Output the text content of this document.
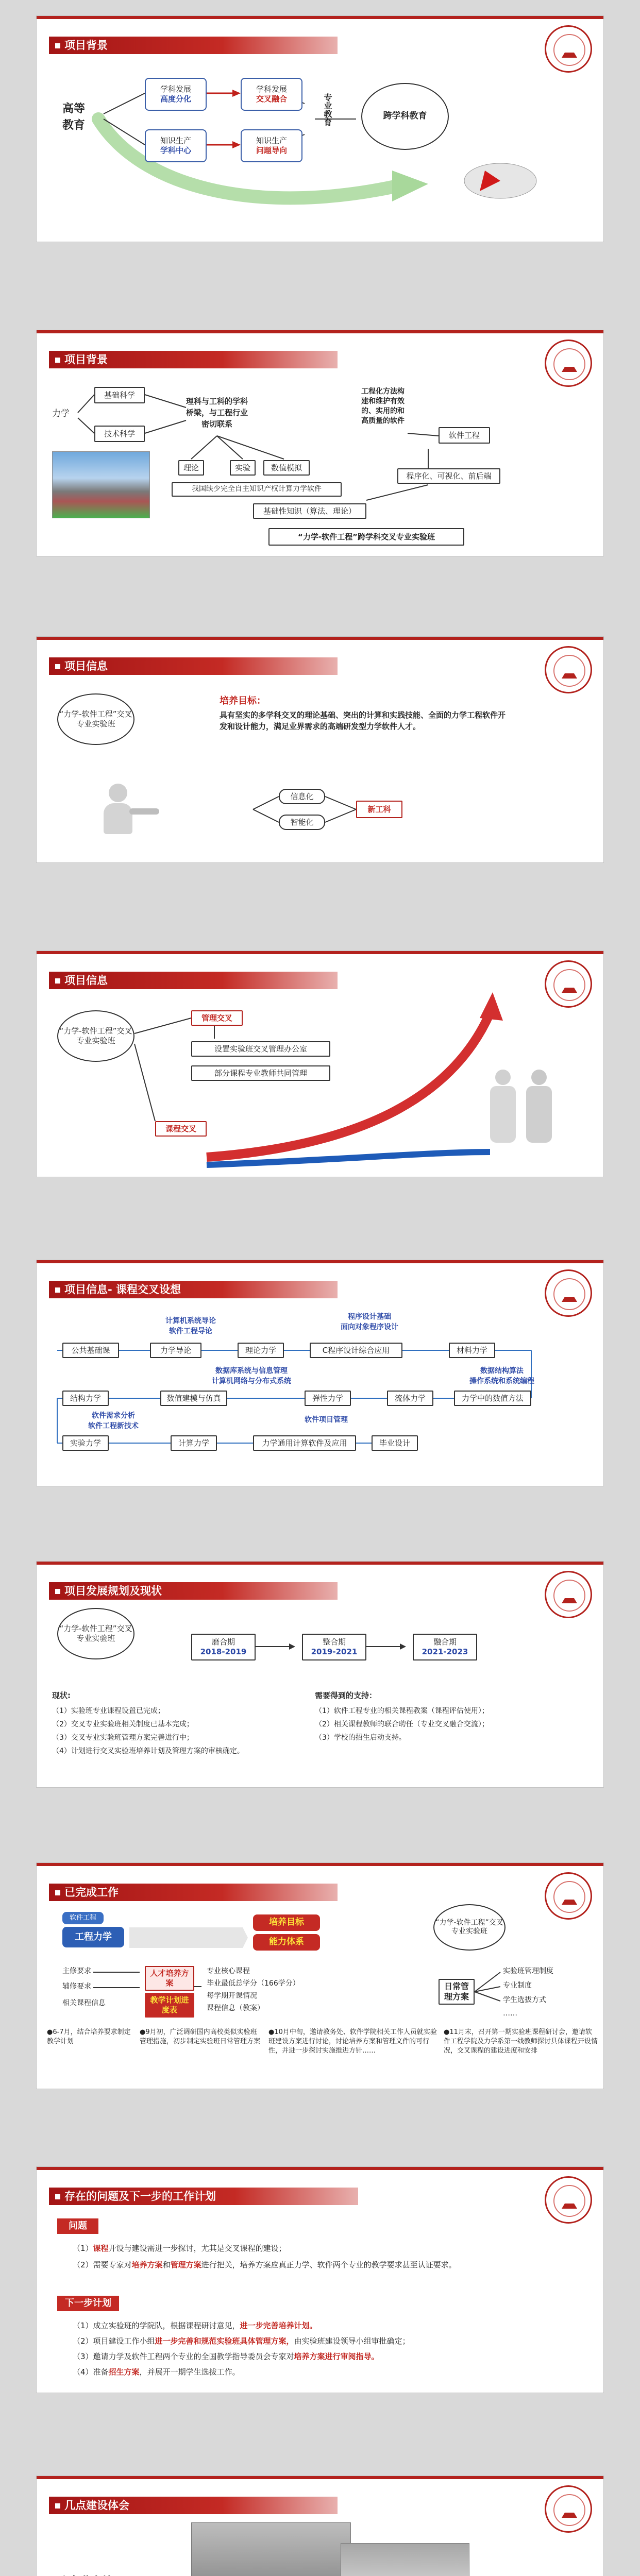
项目背景
高等
教育
学科发展
高度分化
学科发展
交叉融合
知识生产
学科中心
知识生产
问题导向
专业教育	跨学科教育
项目背景
力学
基础科学
技术科学
理科与工科的学科桥梁，与工程行业密切联系
理论	实验	数值模拟
我国缺少完全自主知识产权计算力学软件
工程化方法构建和维护有效的、实用的和高质量的软件
软件工程
程序化、可视化、前后端
基础性知识（算法、理论）
“力学-软件工程”跨学科交叉专业实验班
项目信息
“力学-软件工程”交叉专业实验班
培养目标：
具有坚实的多学科交叉的理论基础、突出的计算和实践技能、全面的力学工程软件开发和设计能力，满足业界需求的高端研发型力学软件人才。
信息化
智能化
新工科
项目信息
“力学-软件工程”交叉专业实验班
管理交叉
设置实验班交叉管理办公室
部分课程专业教师共同管理
课程交叉
项目信息- 课程交叉设想
公共基础课	力学导论	理论力学	C程序设计综合应用	材料力学
计算机系统导论
软件工程导论
程序设计基础
面向对象程序设计
数据库系统与信息管理
计算机网络与分布式系统
数据结构算法
操作系统和系统编程
结构力学	数值建模与仿真	弹性力学	流体力学	力学中的数值方法
软件需求分析
软件工程新技术
软件项目管理
实验力学	计算力学	力学通用计算软件及应用	毕业设计
项目发展规划及现状
“力学-软件工程”交叉专业实验班	磨合期
2018-2019
整合期
2019-2021
融合期
2021-2023
现状:
（1）实验班专业课程设置已完成；
（2）交叉专业实验班相关制度已基本完成；
（3）交叉专业实验班管理方案完善进行中；
（4）计划进行交叉实验班培养计划及管理方案的审核确定。
需要得到的支持：
（1）软件工程专业的相关课程教案（课程评估使用）；
（2）相关课程教师的联合聘任（专业交叉融合交流）；
（3）学校的招生启动支持。
已完成工作
软件工程
工程力学
培养目标
能力体系
主修要求
辅修要求
相关课程信息
人才培养方案
教学计划进度表
专业核心课程
毕业最低总学分（166学分）
每学期开课情况
课程信息（教案）
“力学-软件工程”交叉专业实验班
日常管理方案
实验班管理制度
专业制度
学生选拔方式
……
●6-7月，结合培养要求制定教学计划
●9月初，广泛调研国内高校类似实验班管理措施，初步制定实验班日常管理方案
●10月中旬，邀请教务处、软件学院相关工作人员就实验班建设方案进行讨论，讨论培养方案和管理文件的可行性，并进一步探讨实施推进方针……
●11月末，召开第一期实验班课程研讨会，邀请软件工程学院及力学系第一线教师探讨具体课程开设情况，交叉课程的建设进度和安排
存在的问题及下一步的工作计划
问题
（1）课程开设与建设需进一步探讨，尤其是交叉课程的建设；
（2）需要专家对培养方案和管理方案进行把关，培养方案应真正力学、软件两个专业的教学要求甚至认证要求。
下一步计划
（1）成立实验班的学院队，根据课程研讨意见，进一步完善培养计划。
（2）项目建设工作小组进一步完善和规范实验班具体管理方案，由实验班建设领导小组审批确定；
（3）邀请力学及软件工程两个专业的全国教学指导委员会专家对培养方案进行审阅指导。
（4）准备招生方案，并展开一期学生选拔工作。
几点建设体会
